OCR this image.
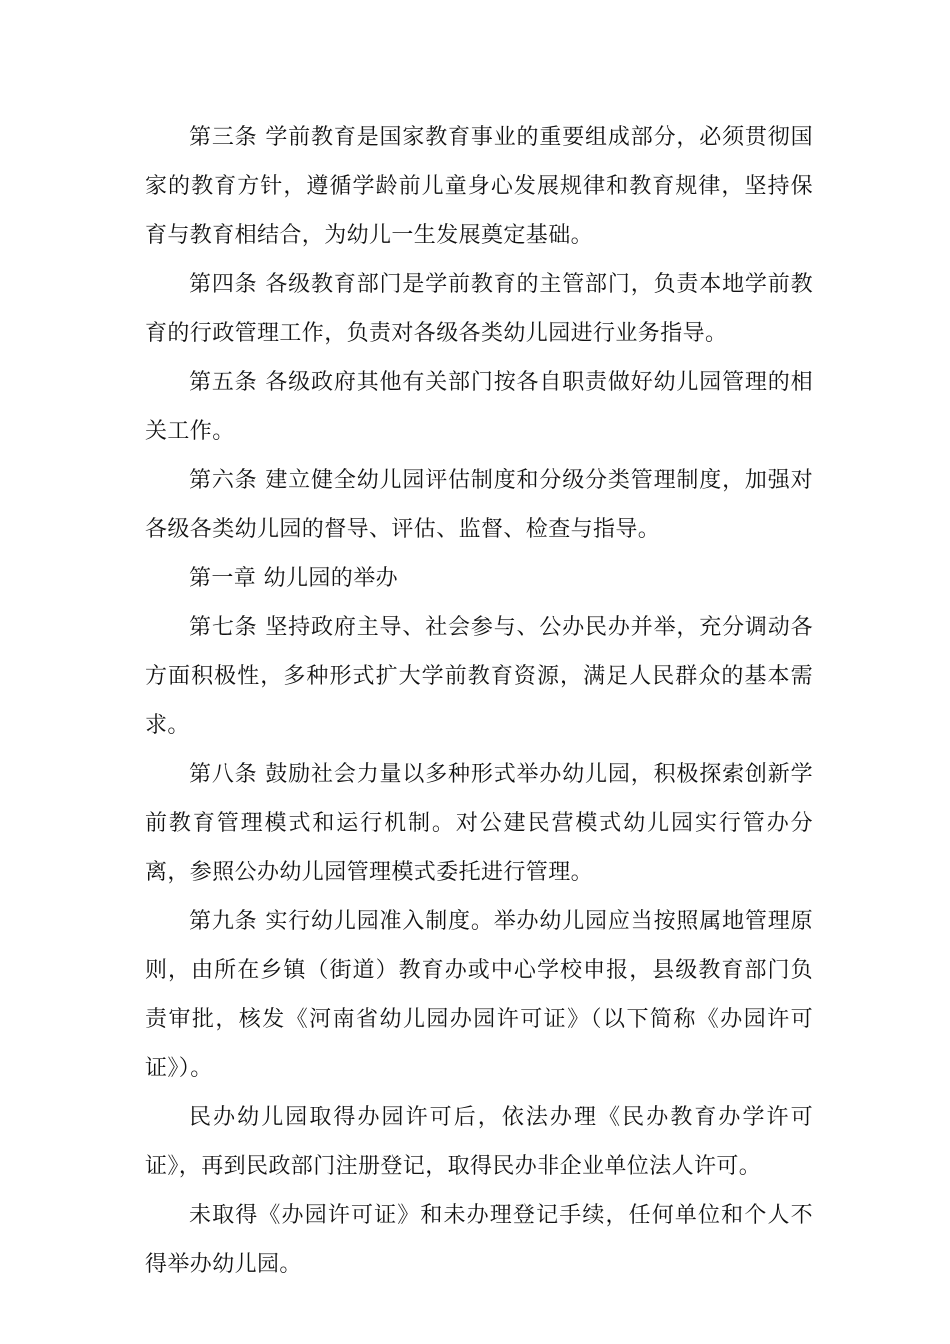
第三条 学前教育是国家教育事业的重要组成部分，必须贯彻国家的教育方针，遵循学龄前儿童身心发展规律和教育规律，坚持保育与教育相结合，为幼儿一生发展奠定基础。

第四条 各级教育部门是学前教育的主管部门，负责本地学前教育的行政管理工作，负责对各级各类幼儿园进行业务指导。

第五条 各级政府其他有关部门按各自职责做好幼儿园管理的相关工作。

第六条 建立健全幼儿园评估制度和分级分类管理制度，加强对各级各类幼儿园的督导、评估、监督、检查与指导。

第一章 幼儿园的举办

第七条 坚持政府主导、社会参与、公办民办并举，充分调动各方面积极性，多种形式扩大学前教育资源，满足人民群众的基本需求。

第八条 鼓励社会力量以多种形式举办幼儿园，积极探索创新学前教育管理模式和运行机制。对公建民营模式幼儿园实行管办分离，参照公办幼儿园管理模式委托进行管理。

第九条 实行幼儿园准入制度。举办幼儿园应当按照属地管理原则，由所在乡镇（街道）教育办或中心学校申报，县级教育部门负责审批，核发《河南省幼儿园办园许可证》（以下简称《办园许可证》）。

民办幼儿园取得办园许可后，依法办理《民办教育办学许可证》，再到民政部门注册登记，取得民办非企业单位法人许可。

未取得《办园许可证》和未办理登记手续，任何单位和个人不得举办幼儿园。
